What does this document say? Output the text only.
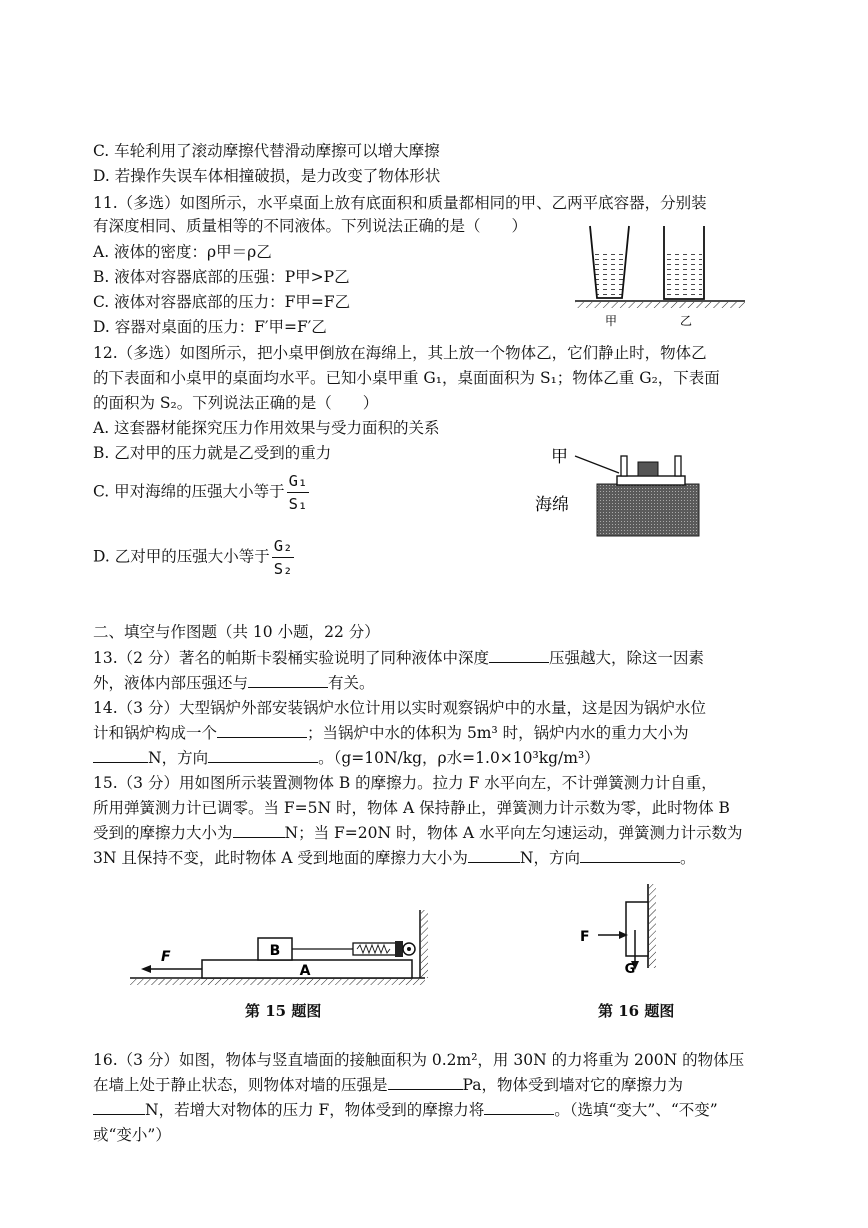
C. 车轮利用了滚动摩擦代替滑动摩擦可以增大摩擦
D. 若操作失误车体相撞破损，是力改变了物体形状
11.（多选）如图所示，水平桌面上放有底面积和质量都相同的甲、乙两平底容器，分别装
有深度相同、质量相等的不同液体。下列说法正确的是（　　）
A. 液体的密度：ρ甲＝ρ乙
B. 液体对容器底部的压强：P甲>P乙
C. 液体对容器底部的压力：F甲=F乙
D. 容器对桌面的压力：F′甲=F′乙	甲	乙
12.（多选）如图所示，把小桌甲倒放在海绵上，其上放一个物体乙，它们静止时，物体乙
的下表面和小桌甲的桌面均水平。已知小桌甲重 G₁，桌面面积为 S₁；物体乙重 G₂，下表面
的面积为 S₂。下列说法正确的是（　　）
A. 这套器材能探究压力作用效果与受力面积的关系
B. 乙对甲的压力就是乙受到的重力
C. 甲对海绵的压强大小等于 $\frac{\text{G₁}}{\text{S₁}}$
D. 乙对甲的压强大小等于 $\frac{\text{G₂}}{\text{S₂}}$
甲
海绵
二、填空与作图题（共 10 小题，22 分）
13.（2 分）著名的帕斯卡裂桶实验说明了同种液体中深度	压强越大，除这一因素
外，液体内部压强还与	有关。
14.（3 分）大型锅炉外部安装锅炉水位计用以实时观察锅炉中的水量，这是因为锅炉水位
计和锅炉构成一个	；当锅炉中水的体积为 5m³ 时，锅炉内水的重力大小为
N，方向	。（g=10N/kg，ρ水=1.0×10³kg/m³）
15.（3 分）用如图所示装置测物体 B 的摩擦力。拉力 F 水平向左，不计弹簧测力计自重，
所用弹簧测力计已调零。当 F=5N 时，物体 A 保持静止，弹簧测力计示数为零，此时物体 B
受到的摩擦力大小为	N；当 F=20N 时，物体 A 水平向左匀速运动，弹簧测力计示数为
3N 且保持不变，此时物体 A 受到地面的摩擦力大小为	N，方向	。
A
B
F
第 15 题图
F
G
第 16 题图
16.（3 分）如图，物体与竖直墙面的接触面积为 0.2m²，用 30N 的力将重为 200N 的物体压
在墙上处于静止状态，则物体对墙的压强是	Pa，物体受到墙对它的摩擦力为
N，若增大对物体的压力 F，物体受到的摩擦力将	。（选填“变大”、“不变”
或“变小”）
